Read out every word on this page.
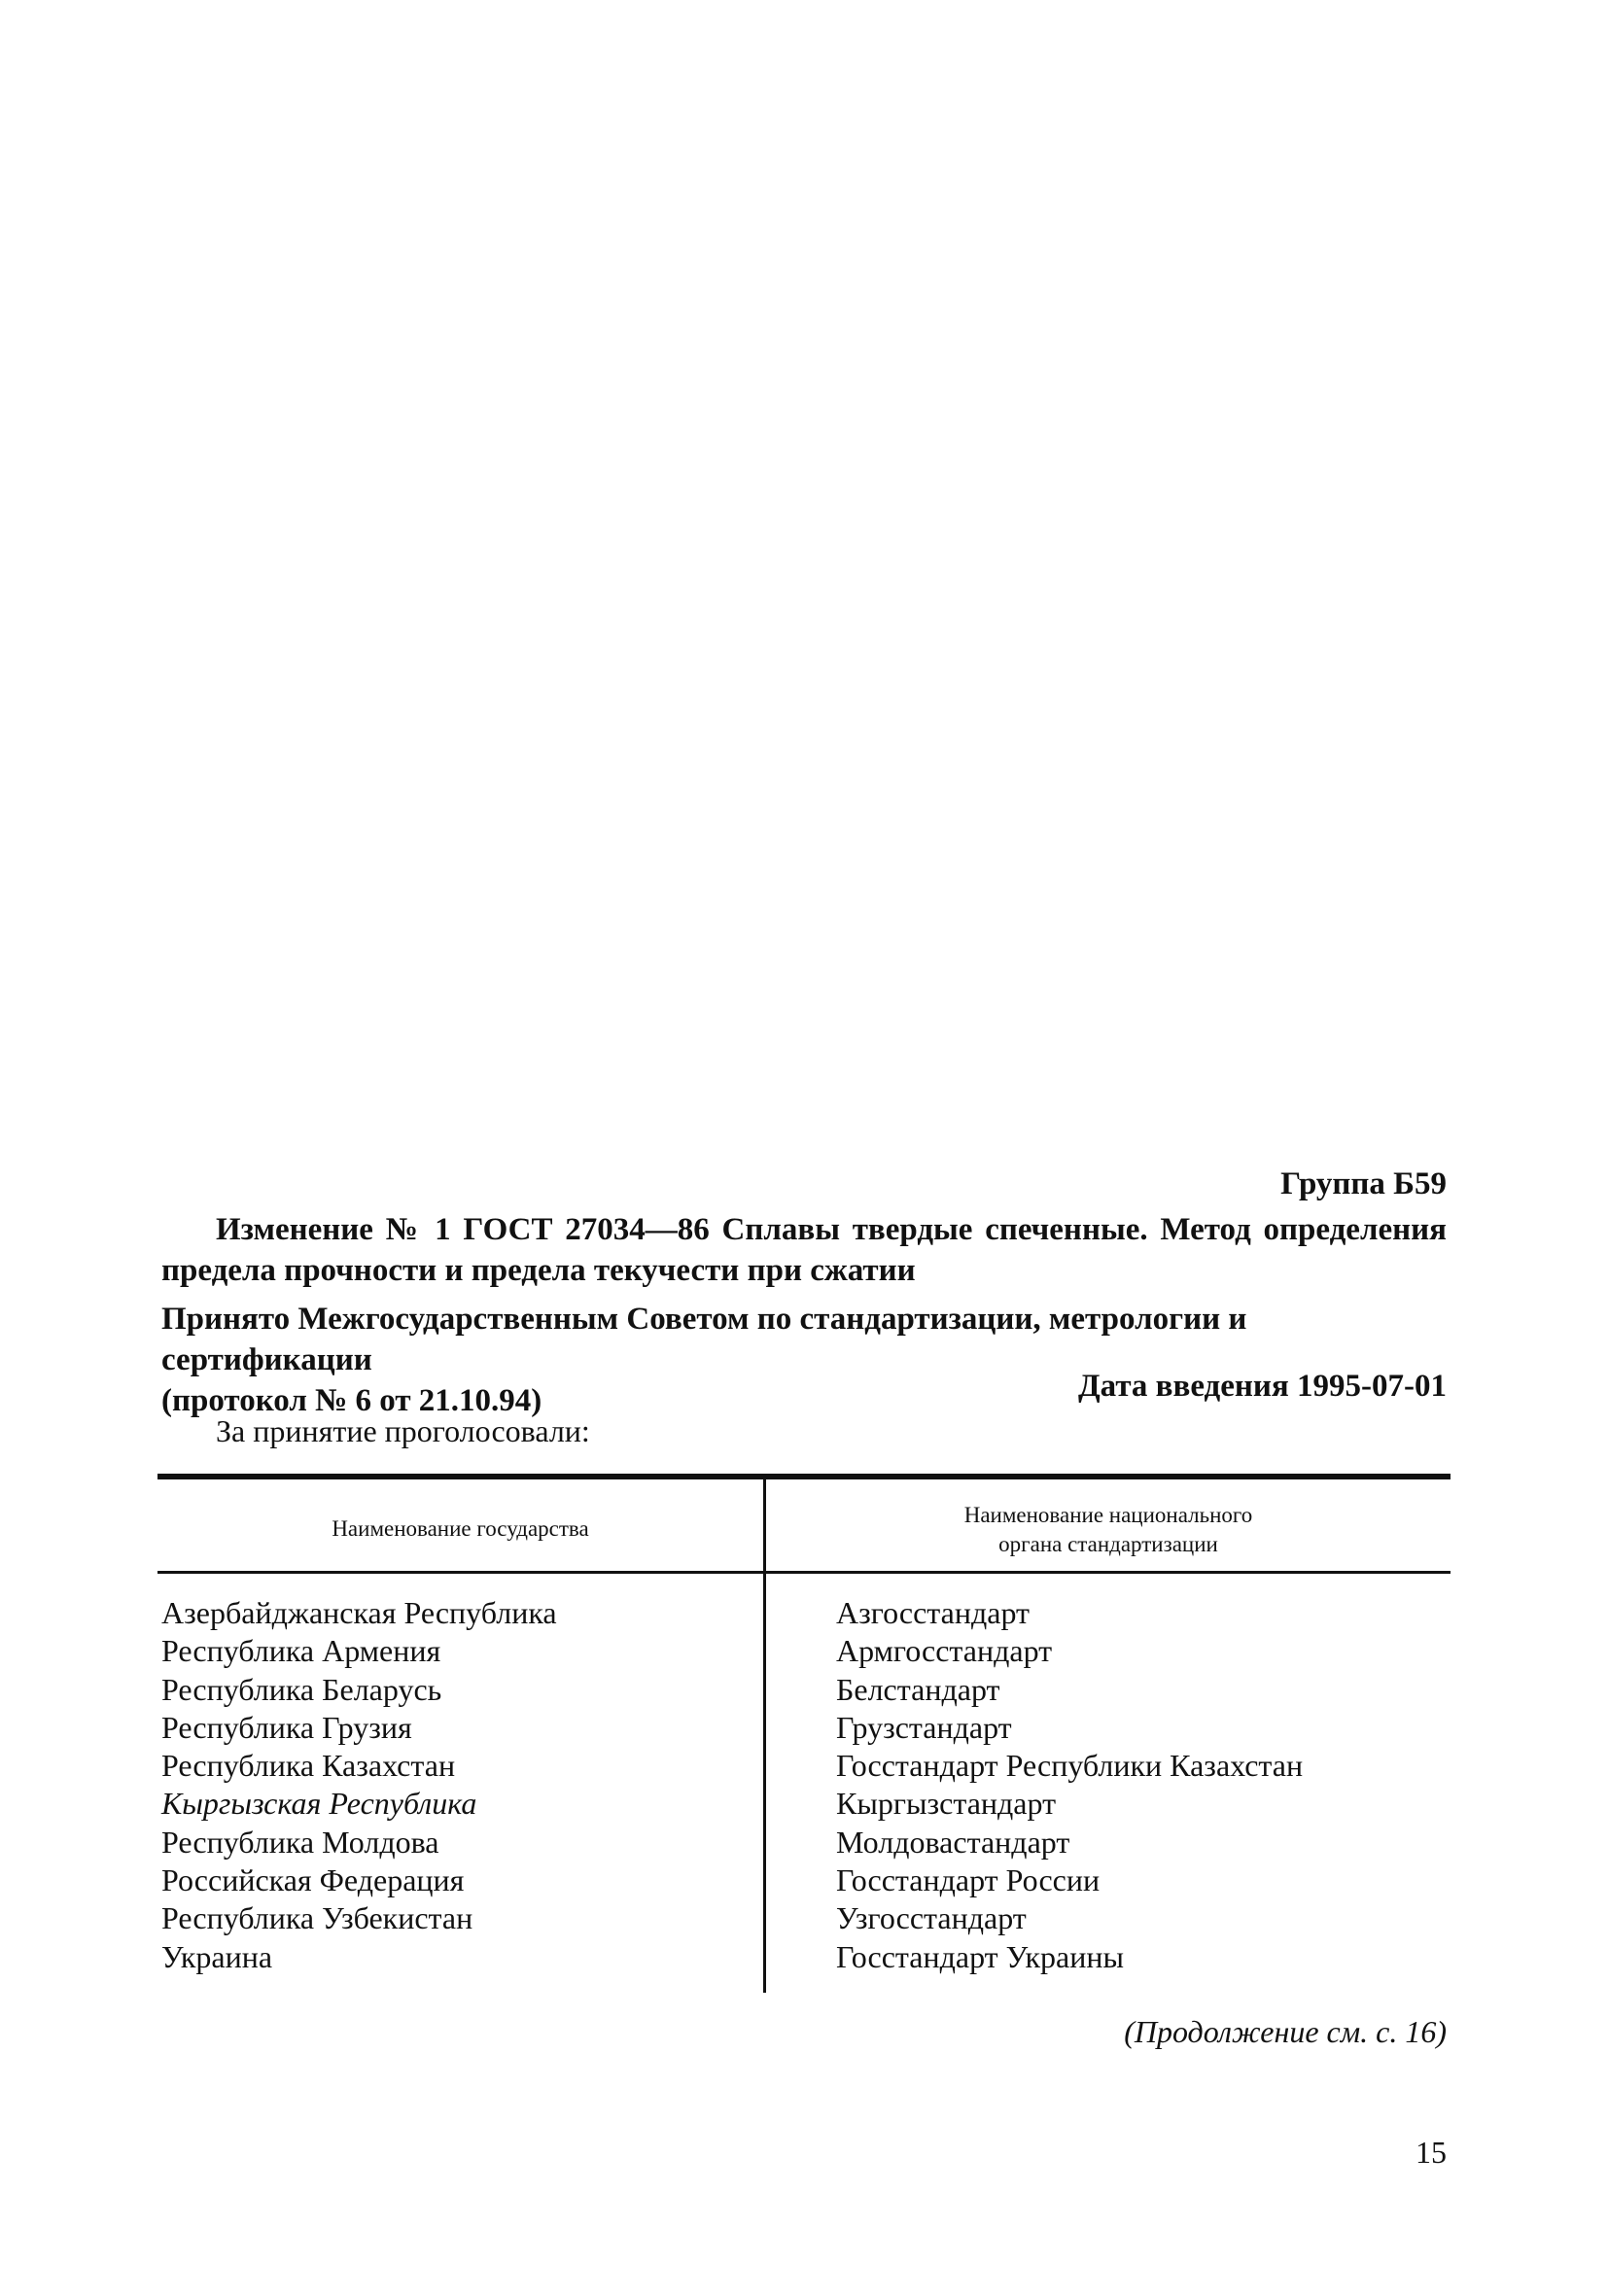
Группа Б59
Изменение № 1 ГОСТ 27034—86 Сплавы твердые спеченные. Метод определения предела прочности и предела текучести при сжатии
Принято Межгосударственным Советом по стандартизации, метрологии и сертификации
(протокол № 6 от 21.10.94)	Дата введения 1995-07-01
За принятие проголосовали:
Наименование государства
Наименование национального
органа стандартизации
Азербайджанская Республика
Республика Армения
Республика Беларусь
Республика Грузия
Республика Казахстан
Кыргызская Республика
Республика Молдова
Российская Федерация
Республика Узбекистан
Украина
Азгосстандарт
Армгосстандарт
Белстандарт
Грузстандарт
Госстандарт Республики Казахстан
Кыргызстандарт
Молдовастандарт
Госстандарт России
Узгосстандарт
Госстандарт Украины
(Продолжение см. с. 16)
15
